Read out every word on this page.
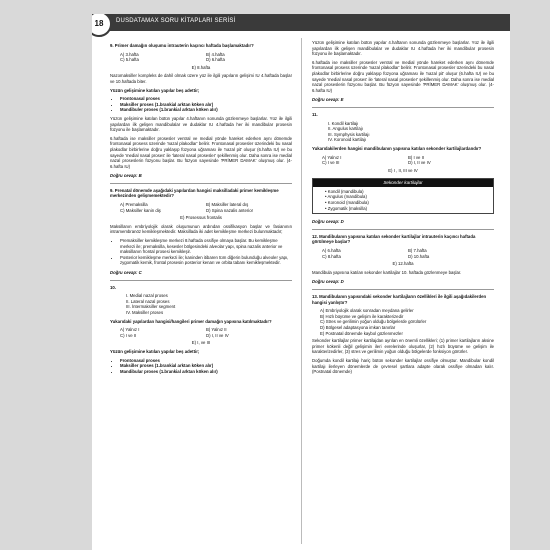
18	DUSDATAMAX SORU KİTAPLARI SERİSİ
9. Primer damağın oluşumu intrauterin kaçıncı haftada başlamaktadır?
A) 3.hafta	B) 4.hafta
C) 5.hafta	D) 6.hafta
E) 8.hafta

Nazomaksiller kompleks de dahil olmak üzere yüz ile ilgili yapıların gelişimi IU 4.haftada başlar ve 10.haftada biter.

Yüzün gelişimine katılan yapılar beş adettir;
• Frontonasal proses
• Maksiller proses (1.brankial arktan köken alır)
• Mandibuler proses (1.brankial arktan köken alır)

Yüzün gelişimine katılan bütün yapılar 4.haftanın sonunda gözlenmeye başlarlar. Yüz ile ilgili yapılardan ilk gelişen mandibulalar ve dudaklar IU 4.haftada her iki mandibular prosesin füzyonu ile başlamaktadır.

6.haftada ise maksiller prosesler ventral ve medial yönde hareket ederken aynı dönemde frontonasal prosess üzerinde 'nazal plakodlar' belirir. Frontonasal prosesler üzerindeki bu nasal plakodlar birbirlerine doğru yaklaşıp füzyona uğraması ile 'nazal pit' oluşur (6.hafta IU) ve bu sayede 'medial nasal proses' ile 'lateral nasal prosesler' şekillenmiş olur. Daha sonra ise medial nazal proseslerin füzyonu başlar. Bu füzyon sayesinde 'PRİMER DAMAK' oluşmuş olur. (4-6.hafta IU)

Doğru cevap: B
9. Prenatal dönemde aşağıdaki yapılardan hangisi maksilladaki primer kemikleşme merkezinden gelişmemektedir?
A) Premaksilla	B) Maksiller lateral dış
C) Maksiller kanin diş	D) Spina nazalis anterior
E) Prosessus frontalis

Maksillanın embriyolojik olarak oluşumunun ardından ossifikasyon başlar ve fasianının intramembranöz kemikleşmektedir. Maksillada iki adet kemikleşme merkezi bulunmaktadır;

• Premaksiller kemikleşme merkezi 8.haftada ossifiye olmaya başlar. Bu kemikleşme merkezi ile; premaksilla, kesesler bölgesindeki alveolar yapı, spina nazalis anterior ve maksillanın frontal prosesi kemikleşir.
• Posterior kemikleşme merkezi ile; kaninden itibaren tüm diğerin bulunduğu alveoler yapı, zygomatik kemik, frontal prosesin posterior kenarı ve orbita tabanı kemikleşmektedir.
Doğru cevap: C
10.
I. Medial nazal proses
II. Lateral nazal proses
III. İntermaksiller segment
IV. Maksiller proses
Yukarıdaki yapılardan hangisi/hangileri primer damağın yapısına katılmaktadır?
A) Yalnız I	B) Yalnız II
C) I ve II	D) I, II ve IV
E) I, ve III
Yüzün gelişimine katılan yapılar beş adettir;
• Frontonasal proses
• Maksiller proses (1.brankial arktan köken alır)
• Mandibular proses (1.brankial arktan köken alır)

Yüzün gelişimine katılan bütün yapılar 4.haftanın sonunda gözlenmeye başlarlar. Yüz ile ilgili yapılardan ilk gelişen mandibulalar ve dudaklar IU 4.haftada her iki mandibular prosesin füzyonu ile başlamaktadır.

6.haftada ise maksiller prosesler ventral ve medial yönde hareket ederken aynı dönemde frontonasal prosess üzerinde 'nazal plakodlar' belirir. Frontonasal prosesler üzerindeki bu nasal plakodlar birbirlerine doğru yaklaşıp füzyona uğraması ile 'nazal pit' oluşur (6.hafta IU) ve bu sayede 'medial nasal proses' ile 'lateral nasal prosesler' şekillenmiş olur. Daha sonra ise medial nazal proseslerin füzyonu başlar. Bu füzyon sayesinde 'PRİMER DAMAK' oluşmuş olur. (4-6.hafta IU)

Doğru cevap: E
11.
I. Kondil kartilajı
II. Angulus kartilajı
III. Symphysis kartilajı
IV. Koronoid kartilajı
Yukarıdakilerden hangisi mandibulanın yapısına katılan sekonder kartilajlardandır?
A) Yalnız I	B) I ve II
C) I ve III	D) I, II ve IV
E) I , II, III ve IV
Sekonder kartilajlar
• Kondil (mandibula)
• Angulus (mandibula)
• Koronoid (mandibula)
• Zygomatik (maksilla)
Doğru cevap: D
12. Mandibulanın yapısına katılan sekonder kartilajlar intrauterin kaçıncı haftada görülmeye başlar?
A) 6.hafta	B) 7.hafta
C) 8.hafta	D) 10.hafta
E) 12.hafta

Mandibula yapısına katılan sekonder kartilajlar 10. haftada gözlenmeye başlar.

Doğru cevap: D
13. Mandibulanın yapısındaki sekonder kartilajların özellikleri ile ilgili aşağıdakilerden hangisi yanlıştır?
A) Embriyolojik olarak sonradan meydana gelirler
B) Hızlı büyüme ve gelişim ile karakterizedir
C) Stres ve gerilimin yoğun olduğu bölgelerde görülürler
D) Bölgesel adaptasyona imkan tanırlar
E) Postnatal dönemde kaybol gözlenmezler

Sekonder kartilajlar primer kartilajdan ayrılan en önemli özellikleri; (1) primer kartilajların aksine primer kökenli değil gelişimin ileri evrelerinde oluşurlar, (2) hızlı büyüme ve gelişim ile karakterizedirler, (3) stres ve gerilimin yoğun olduğu bölgelerde fonksiyon görürler.

Doğumda kondil kartilajı hariç bütün sekonder kartilajlar ossifiye olmuştur. Mandibular kondil kartilajı ilerleyen dönemlerde de çevresel şartlara adapte olarak ossifiye olmadan kalır. (Postnatal dönemde)
